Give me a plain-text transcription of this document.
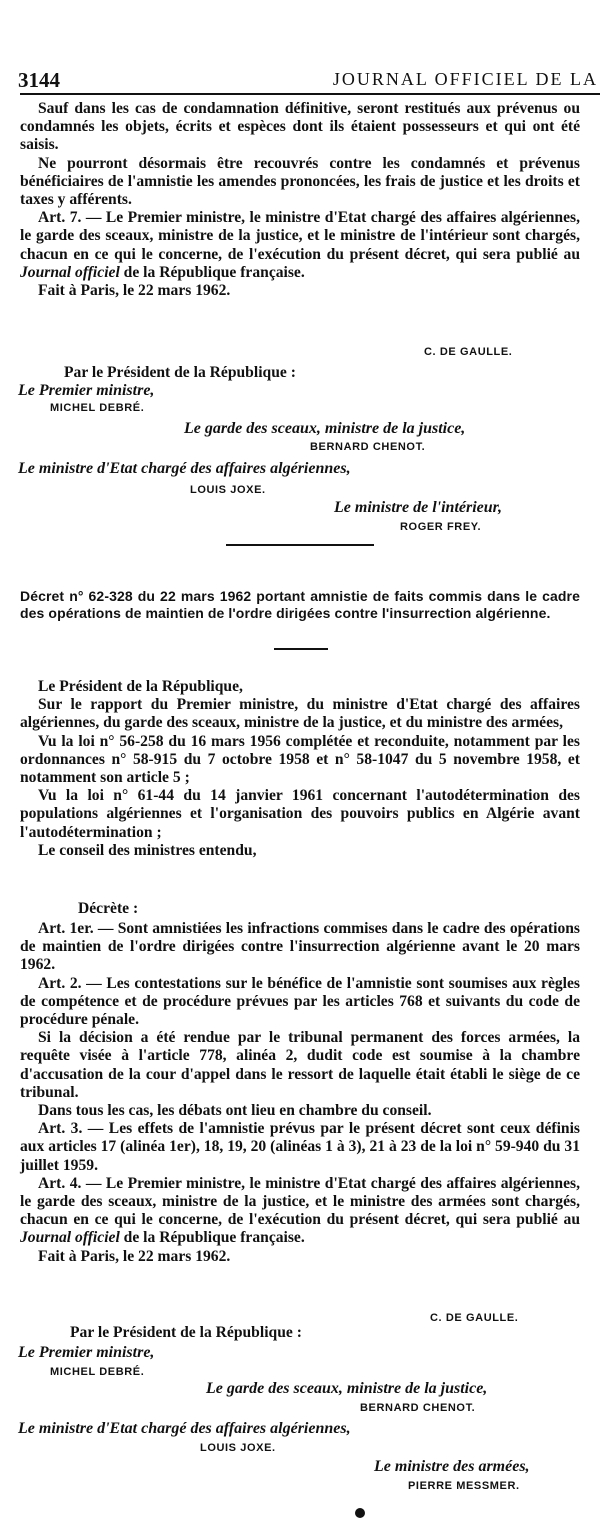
3144	JOURNAL OFFICIEL DE LA

Sauf dans les cas de condamnation définitive, seront restitués aux prévenus ou condamnés les objets, écrits et espèces dont ils étaient possesseurs et qui ont été saisis.

Ne pourront désormais être recouvrés contre les condamnés et prévenus bénéficiaires de l'amnistie les amendes prononcées, les frais de justice et les droits et taxes y afférents.

Art. 7. — Le Premier ministre, le ministre d'Etat chargé des affaires algériennes, le garde des sceaux, ministre de la justice, et le ministre de l'intérieur sont chargés, chacun en ce qui le concerne, de l'exécution du présent décret, qui sera publié au Journal officiel de la République française.

Fait à Paris, le 22 mars 1962.

C. DE GAULLE.
Par le Président de la République :
Le Premier ministre,
MICHEL DEBRÉ.
Le garde des sceaux, ministre de la justice,
BERNARD CHENOT.
Le ministre d'Etat chargé des affaires algériennes,
LOUIS JOXE.
Le ministre de l'intérieur,
ROGER FREY.

Décret n° 62-328 du 22 mars 1962 portant amnistie de faits commis dans le cadre des opérations de maintien de l'ordre dirigées contre l'insurrection algérienne.

Le Président de la République,

Sur le rapport du Premier ministre, du ministre d'Etat chargé des affaires algériennes, du garde des sceaux, ministre de la justice, et du ministre des armées,

Vu la loi n° 56-258 du 16 mars 1956 complétée et reconduite, notamment par les ordonnances n° 58-915 du 7 octobre 1958 et n° 58-1047 du 5 novembre 1958, et notamment son article 5 ;

Vu la loi n° 61-44 du 14 janvier 1961 concernant l'autodétermination des populations algériennes et l'organisation des pouvoirs publics en Algérie avant l'autodétermination ;

Le conseil des ministres entendu,

Décrète :

Art. 1er. — Sont amnistiées les infractions commises dans le cadre des opérations de maintien de l'ordre dirigées contre l'insurrection algérienne avant le 20 mars 1962.

Art. 2. — Les contestations sur le bénéfice de l'amnistie sont soumises aux règles de compétence et de procédure prévues par les articles 768 et suivants du code de procédure pénale.

Si la décision a été rendue par le tribunal permanent des forces armées, la requête visée à l'article 778, alinéa 2, dudit code est soumise à la chambre d'accusation de la cour d'appel dans le ressort de laquelle était établi le siège de ce tribunal.

Dans tous les cas, les débats ont lieu en chambre du conseil.

Art. 3. — Les effets de l'amnistie prévus par le présent décret sont ceux définis aux articles 17 (alinéa 1er), 18, 19, 20 (alinéas 1 à 3), 21 à 23 de la loi n° 59-940 du 31 juillet 1959.

Art. 4. — Le Premier ministre, le ministre d'Etat chargé des affaires algériennes, le garde des sceaux, ministre de la justice, et le ministre des armées sont chargés, chacun en ce qui le concerne, de l'exécution du présent décret, qui sera publié au Journal officiel de la République française.

Fait à Paris, le 22 mars 1962.

C. DE GAULLE.
Par le Président de la République :
Le Premier ministre,
MICHEL DEBRÉ.
Le garde des sceaux, ministre de la justice,
BERNARD CHENOT.
Le ministre d'Etat chargé des affaires algériennes,
LOUIS JOXE.
Le ministre des armées,
PIERRE MESSMER.
